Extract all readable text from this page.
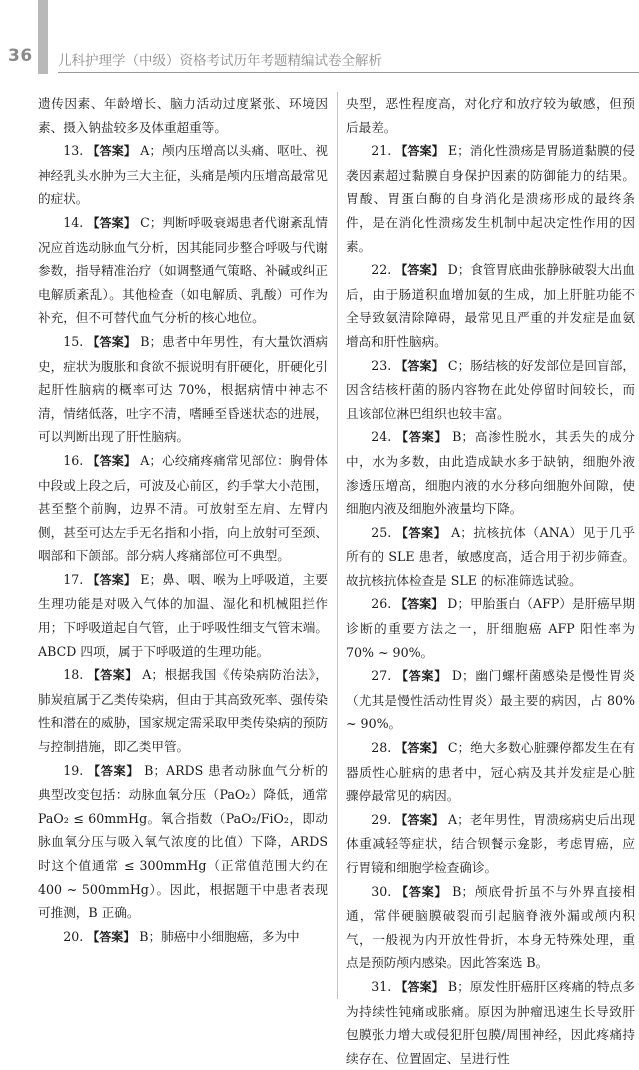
36 儿科护理学（中级）资格考试历年考题精编试卷全解析

遗传因素、年龄增长、脑力活动过度紧张、环境因素、摄入钠盐较多及体重超重等。

13. 【答案】 A；颅内压增高以头痛、呕吐、视神经乳头水肿为三大主征，头痛是颅内压增高最常见的症状。

14. 【答案】 C；判断呼吸衰竭患者代谢紊乱情况应首选动脉血气分析，因其能同步整合呼吸与代谢参数，指导精准治疗（如调整通气策略、补碱或纠正电解质紊乱）。其他检查（如电解质、乳酸）可作为补充，但不可替代血气分析的核心地位。

15. 【答案】 B；患者中年男性，有大量饮酒病史，症状为腹胀和食欲不振说明有肝硬化，肝硬化引起肝性脑病的概率可达 70%，根据病情中神志不清，情绪低落，吐字不清，嗜睡至昏迷状态的进展，可以判断出现了肝性脑病。

16. 【答案】 A；心绞痛疼痛常见部位：胸骨体中段或上段之后，可波及心前区，约手掌大小范围，甚至整个前胸，边界不清。可放射至左肩、左臂内侧，甚至可达左手无名指和小指，向上放射可至颈、咽部和下颌部。部分病人疼痛部位可不典型。

17. 【答案】 E；鼻、咽、喉为上呼吸道，主要生理功能是对吸入气体的加温、湿化和机械阻拦作用；下呼吸道起自气管，止于呼吸性细支气管末端。ABCD 四项，属于下呼吸道的生理功能。

18. 【答案】 A；根据我国《传染病防治法》，肺炭疽属于乙类传染病，但由于其高致死率、强传染性和潜在的威胁，国家规定需采取甲类传染病的预防与控制措施，即乙类甲管。

19. 【答案】 B；ARDS 患者动脉血气分析的典型改变包括：动脉血氧分压（PaO₂）降低，通常 PaO₂ ≤ 60mmHg。氧合指数（PaO₂/FiO₂，即动脉血氧分压与吸入氧气浓度的比值）下降，ARDS 时这个值通常 ≤ 300mmHg（正常值范围大约在 400 ~ 500mmHg）。因此，根据题干中患者表现可推测，B 正确。

20. 【答案】 B；肺癌中小细胞癌，多为中

央型，恶性程度高，对化疗和放疗较为敏感，但预后最差。

21. 【答案】 E；消化性溃疡是胃肠道黏膜的侵袭因素超过黏膜自身保护因素的防御能力的结果。胃酸、胃蛋白酶的自身消化是溃疡形成的最终条件，是在消化性溃疡发生机制中起决定性作用的因素。

22. 【答案】 D；食管胃底曲张静脉破裂大出血后，由于肠道积血增加氨的生成，加上肝脏功能不全导致氨清除障碍，最常见且严重的并发症是血氨增高和肝性脑病。

23. 【答案】 C；肠结核的好发部位是回盲部，因含结核杆菌的肠内容物在此处停留时间较长，而且该部位淋巴组织也较丰富。

24. 【答案】 B；高渗性脱水，其丢失的成分中，水为多数，由此造成缺水多于缺钠，细胞外液渗透压增高，细胞内液的水分移向细胞外间隙，使细胞内液及细胞外液量均下降。

25. 【答案】 A；抗核抗体（ANA）见于几乎所有的 SLE 患者，敏感度高，适合用于初步筛查。故抗核抗体检查是 SLE 的标准筛选试验。

26. 【答案】 D；甲胎蛋白（AFP）是肝癌早期诊断的重要方法之一，肝细胞癌 AFP 阳性率为 70% ~ 90%。

27. 【答案】 D；幽门螺杆菌感染是慢性胃炎（尤其是慢性活动性胃炎）最主要的病因，占 80% ~ 90%。

28. 【答案】 C；绝大多数心脏骤停都发生在有器质性心脏病的患者中，冠心病及其并发症是心脏骤停最常见的病因。

29. 【答案】 A；老年男性，胃溃疡病史后出现体重减轻等症状，结合钡餐示龛影，考虑胃癌，应行胃镜和细胞学检查确诊。

30. 【答案】 B；颅底骨折虽不与外界直接相通，常伴硬脑膜破裂而引起脑脊液外漏或颅内积气，一般视为内开放性骨折，本身无特殊处理，重点是预防颅内感染。因此答案选 B。

31. 【答案】 B；原发性肝癌肝区疼痛的特点多为持续性钝痛或胀痛。原因为肿瘤迅速生长导致肝包膜张力增大或侵犯肝包膜/周围神经，因此疼痛持续存在、位置固定、呈进行性
